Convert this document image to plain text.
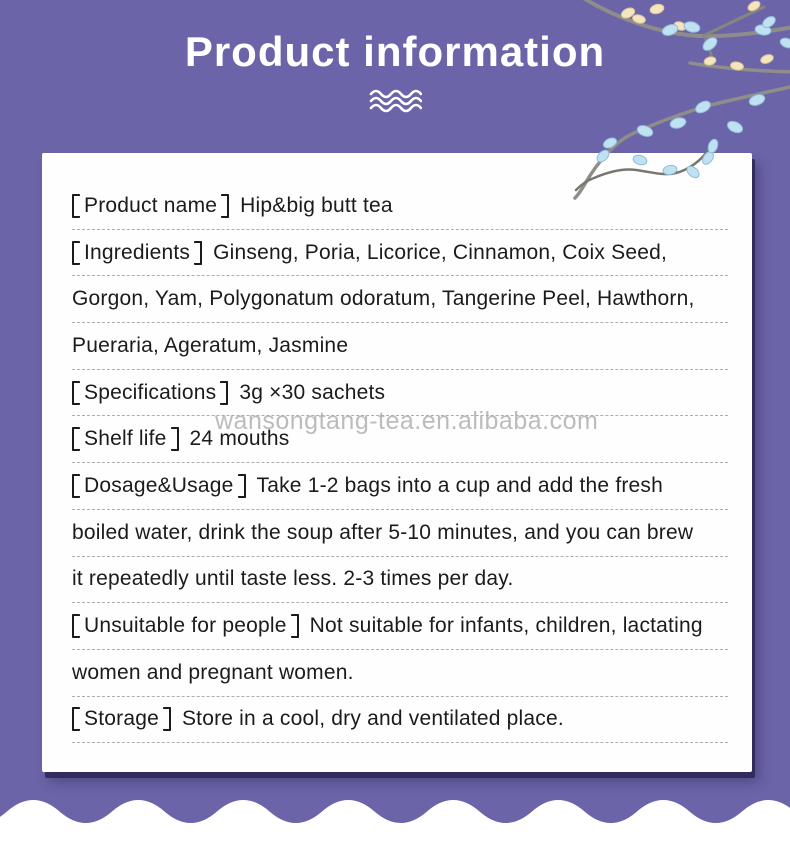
Product information
wansongtang-tea.en.alibaba.com
Product name Hip&big butt tea
Ingredients Ginseng, Poria, Licorice, Cinnamon, Coix Seed,
Gorgon, Yam, Polygonatum odoratum, Tangerine Peel, Hawthorn,
Pueraria, Ageratum, Jasmine
Specifications 3g ×30 sachets
Shelf life 24 mouths
Dosage&Usage Take 1-2 bags into a cup and add the fresh
boiled water, drink the soup after 5-10 minutes, and you can brew
it repeatedly until taste less. 2-3 times per day.
Unsuitable for people Not suitable for infants, children, lactating
women and pregnant women.
Storage Store in a cool, dry and ventilated place.
